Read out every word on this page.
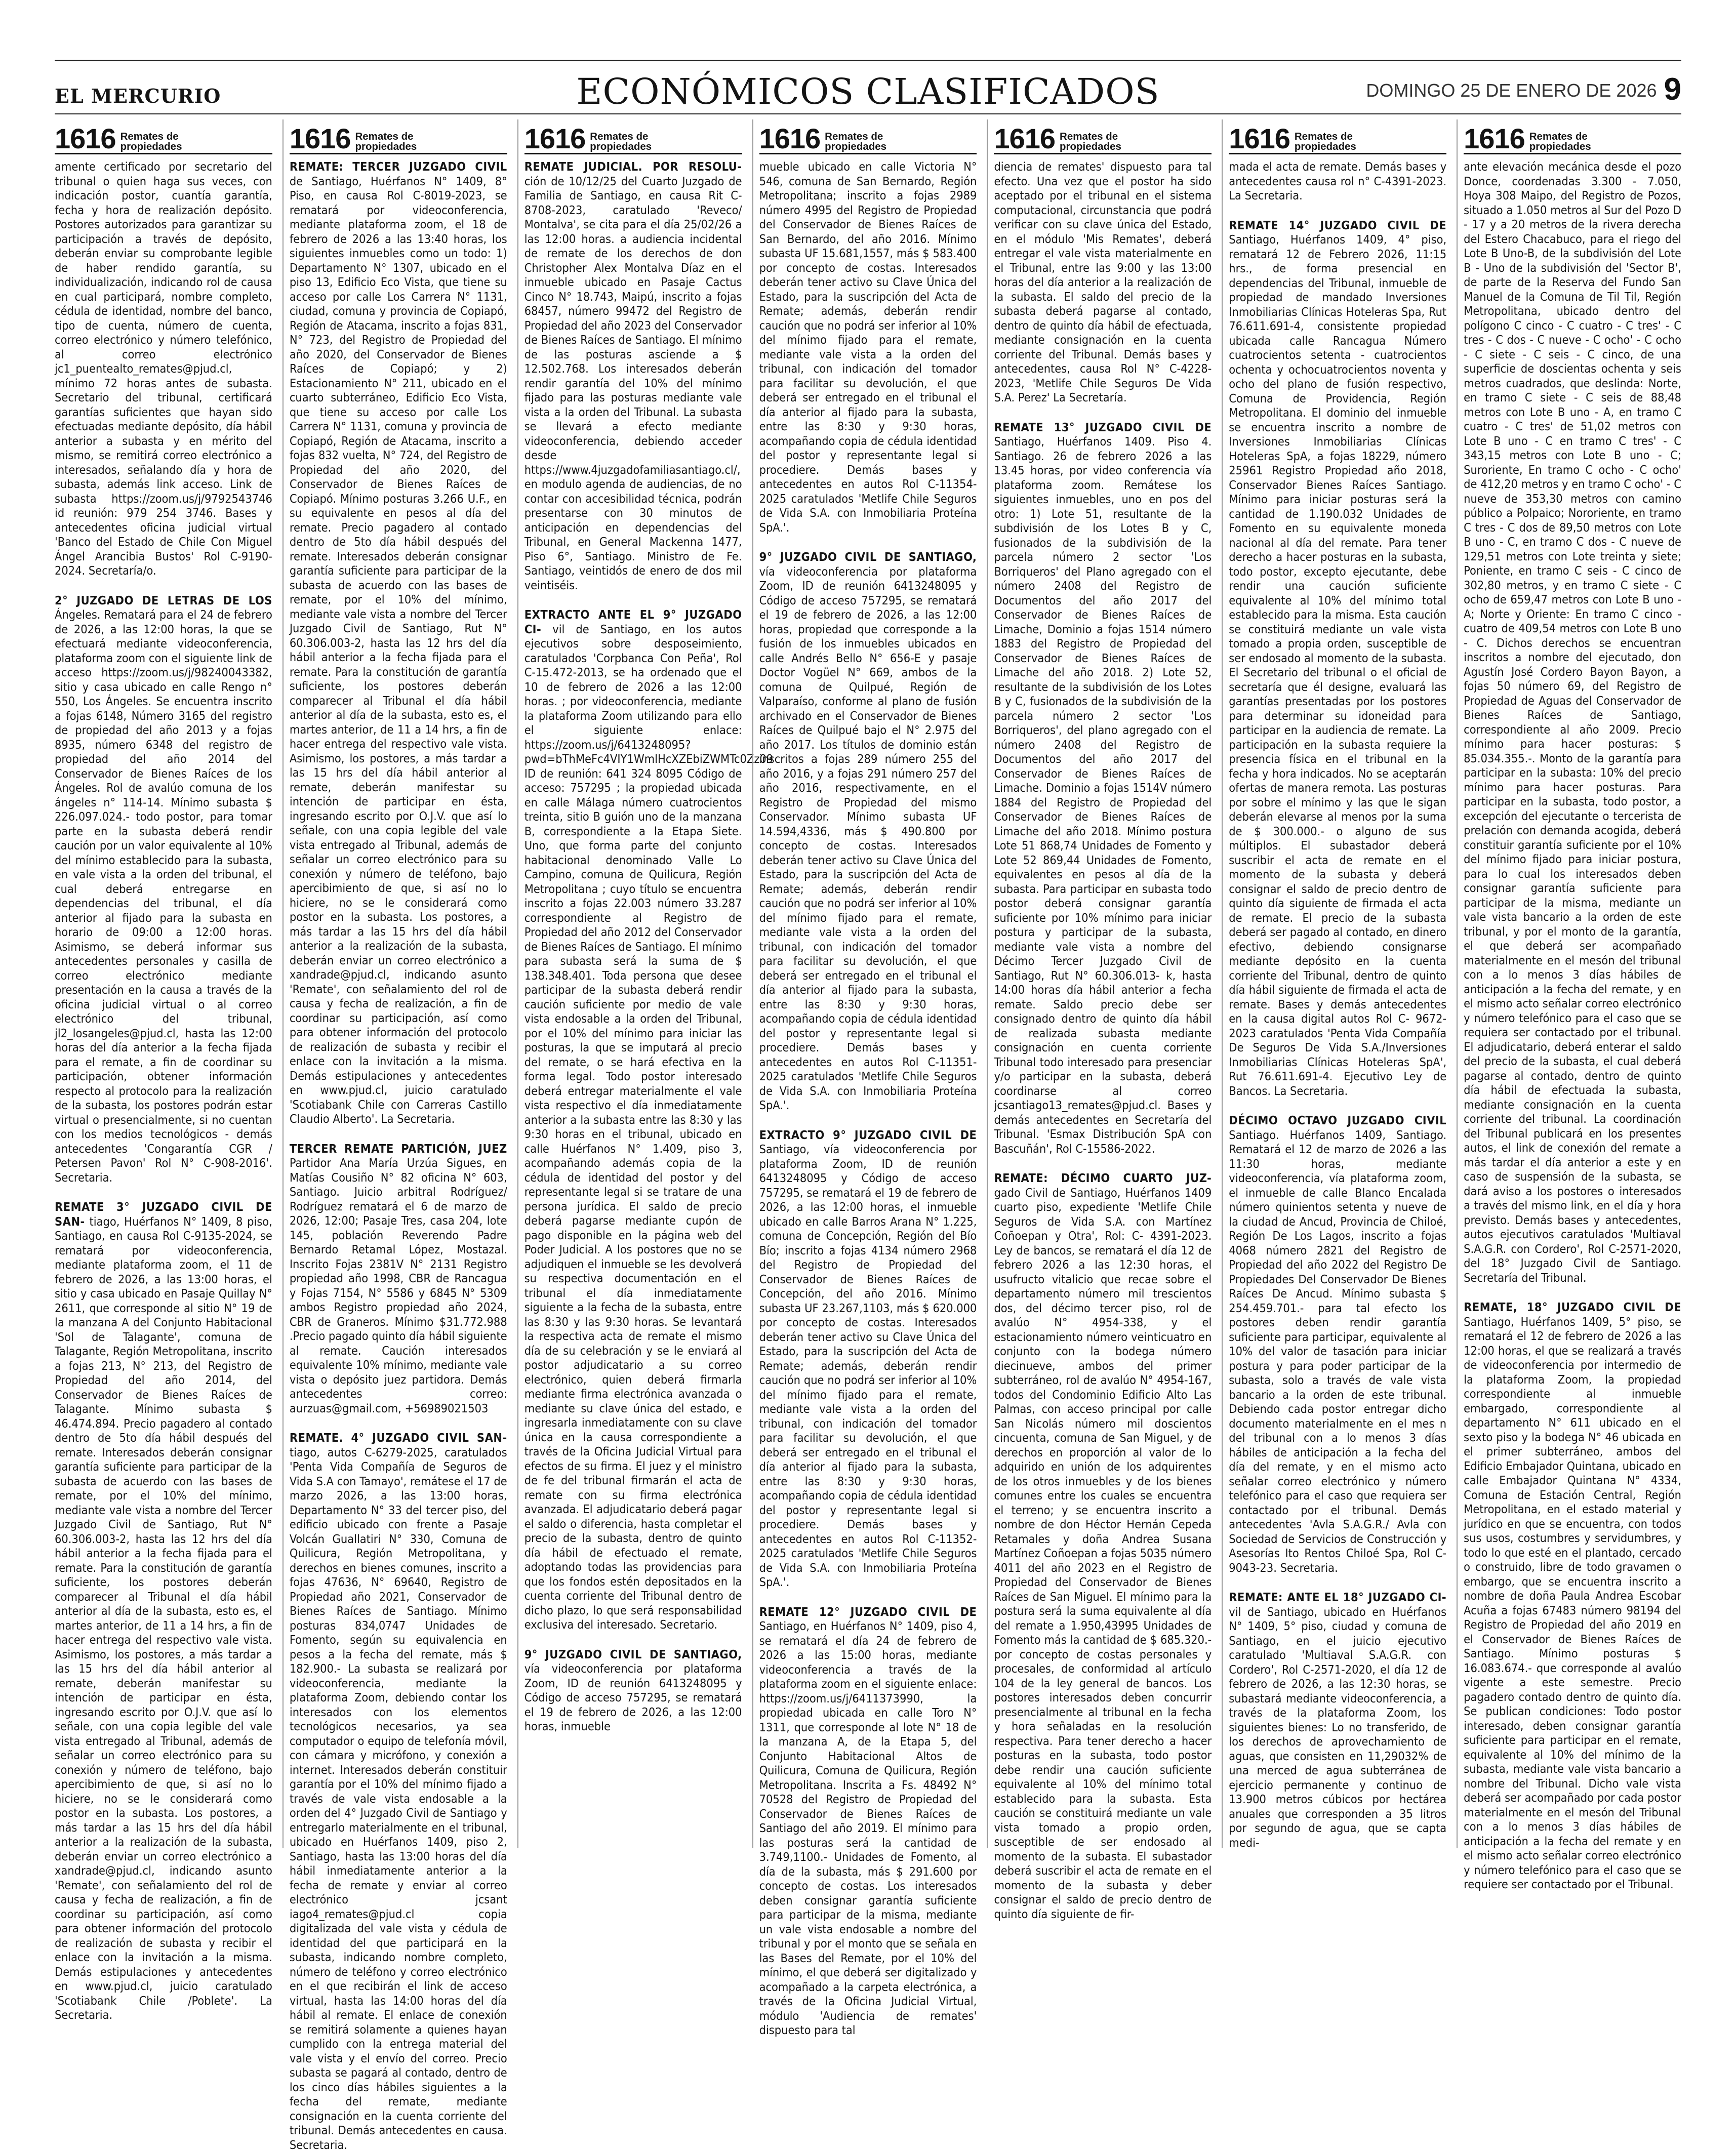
EL MERCURIO	ECONÓMICOS CLASIFICADOS	DOMINGO 25 DE ENERO DE 2026 9
1616 Remates de
propiedades

amente certificado por secretario del tribunal o quien haga sus veces, con indicación postor, cuantía garantía, fecha y hora de realización depósito. Postores autorizados para garantizar su participación a través de depósito, deberán enviar su comprobante legible de haber rendido garantía, su individualización, indicando rol de causa en cual participará, nombre completo, cédula de identidad, nombre del banco, tipo de cuenta, número de cuenta, correo electrónico y número telefónico, al correo electrónico jc1_puentealto_remates@pjud.cl, mínimo 72 horas antes de subasta. Secretario del tribunal, certificará garantías suficientes que hayan sido efectuadas mediante depósito, día hábil anterior a subasta y en mérito del mismo, se remitirá correo electrónico a interesados, señalando día y hora de subasta, además link acceso. Link de subasta https://zoom.us/j/9792543746 id reunión: 979 254 3746. Bases y antecedentes oficina judicial virtual 'Banco del Estado de Chile Con Miguel Ángel Arancibia Bustos' Rol C-9190-2024. Secretaría/o.

2° JUZGADO DE LETRAS DE LOS Ángeles. Rematará para el 24 de febrero de 2026, a las 12:00 horas, la que se efectuará mediante videoconferencia, plataforma zoom con el siguiente link de acceso https://zoom.us/j/98240043382, sitio y casa ubicado en calle Rengo n° 550, Los Ángeles. Se encuentra inscrito a fojas 6148, Número 3165 del registro de propiedad del año 2013 y a fojas 8935, número 6348 del registro de propiedad del año 2014 del Conservador de Bienes Raíces de los Ángeles. Rol de avalúo comuna de los ángeles n° 114-14. Mínimo subasta $ 226.097.024.- todo postor, para tomar parte en la subasta deberá rendir caución por un valor equivalente al 10% del mínimo establecido para la subasta, en vale vista a la orden del tribunal, el cual deberá entregarse en dependencias del tribunal, el día anterior al fijado para la subasta en horario de 09:00 a 12:00 horas. Asimismo, se deberá informar sus antecedentes personales y casilla de correo electrónico mediante presentación en la causa a través de la oficina judicial virtual o al correo electrónico del tribunal, jl2_losangeles@pjud.cl, hasta las 12:00 horas del día anterior a la fecha fijada para el remate, a fin de coordinar su participación, obtener información respecto al protocolo para la realización de la subasta, los postores podrán estar virtual o presencialmente, si no cuentan con los medios tecnológicos - demás antecedentes 'Congarantía CGR / Petersen Pavon' Rol N° C-908-2016'. Secretaria.

REMATE 3° JUZGADO CIVIL DE SAN- tiago, Huérfanos N° 1409, 8 piso, Santiago, en causa Rol C-9135-2024, se rematará por videoconferencia, mediante plataforma zoom, el 11 de febrero de 2026, a las 13:00 horas, el sitio y casa ubicado en Pasaje Quillay N° 2611, que corresponde al sitio N° 19 de la manzana A del Conjunto Habitacional 'Sol de Talagante', comuna de Talagante, Región Metropolitana, inscrito a fojas 213, N° 213, del Registro de Propiedad del año 2014, del Conservador de Bienes Raíces de Talagante. Mínimo subasta $ 46.474.894. Precio pagadero al contado dentro de 5to día hábil después del remate. Interesados deberán consignar garantía suficiente para participar de la subasta de acuerdo con las bases de remate, por el 10% del mínimo, mediante vale vista a nombre del Tercer Juzgado Civil de Santiago, Rut N° 60.306.003-2, hasta las 12 hrs del día hábil anterior a la fecha fijada para el remate. Para la constitución de garantía suficiente, los postores deberán comparecer al Tribunal el día hábil anterior al día de la subasta, esto es, el martes anterior, de 11 a 14 hrs, a fin de hacer entrega del respectivo vale vista. Asimismo, los postores, a más tardar a las 15 hrs del día hábil anterior al remate, deberán manifestar su intención de participar en ésta, ingresando escrito por O.J.V. que así lo señale, con una copia legible del vale vista entregado al Tribunal, además de señalar un correo electrónico para su conexión y número de teléfono, bajo apercibimiento de que, si así no lo hiciere, no se le considerará como postor en la subasta. Los postores, a más tardar a las 15 hrs del día hábil anterior a la realización de la subasta, deberán enviar un correo electrónico a xandrade@pjud.cl, indicando asunto 'Remate', con señalamiento del rol de causa y fecha de realización, a fin de coordinar su participación, así como para obtener información del protocolo de realización de subasta y recibir el enlace con la invitación a la misma. Demás estipulaciones y antecedentes en www.pjud.cl, juicio caratulado 'Scotiabank Chile /Poblete'. La Secretaria.

1616 Remates de
propiedades

REMATE: TERCER JUZGADO CIVIL de Santiago, Huérfanos N° 1409, 8° Piso, en causa Rol C-8019-2023, se rematará por videoconferencia, mediante plataforma zoom, el 18 de febrero de 2026 a las 13:40 horas, los siguientes inmuebles como un todo: 1) Departamento N° 1307, ubicado en el piso 13, Edificio Eco Vista, que tiene su acceso por calle Los Carrera N° 1131, ciudad, comuna y provincia de Copiapó, Región de Atacama, inscrito a fojas 831, N° 723, del Registro de Propiedad del año 2020, del Conservador de Bienes Raíces de Copiapó; y 2) Estacionamiento N° 211, ubicado en el cuarto subterráneo, Edificio Eco Vista, que tiene su acceso por calle Los Carrera N° 1131, comuna y provincia de Copiapó, Región de Atacama, inscrito a fojas 832 vuelta, N° 724, del Registro de Propiedad del año 2020, del Conservador de Bienes Raíces de Copiapó. Mínimo posturas 3.266 U.F., en su equivalente en pesos al día del remate. Precio pagadero al contado dentro de 5to día hábil después del remate. Interesados deberán consignar garantía suficiente para participar de la subasta de acuerdo con las bases de remate, por el 10% del mínimo, mediante vale vista a nombre del Tercer Juzgado Civil de Santiago, Rut N° 60.306.003-2, hasta las 12 hrs del día hábil anterior a la fecha fijada para el remate. Para la constitución de garantía suficiente, los postores deberán comparecer al Tribunal el día hábil anterior al día de la subasta, esto es, el martes anterior, de 11 a 14 hrs, a fin de hacer entrega del respectivo vale vista. Asimismo, los postores, a más tardar a las 15 hrs del día hábil anterior al remate, deberán manifestar su intención de participar en ésta, ingresando escrito por O.J.V. que así lo señale, con una copia legible del vale vista entregado al Tribunal, además de señalar un correo electrónico para su conexión y número de teléfono, bajo apercibimiento de que, si así no lo hiciere, no se le considerará como postor en la subasta. Los postores, a más tardar a las 15 hrs del día hábil anterior a la realización de la subasta, deberán enviar un correo electrónico a xandrade@pjud.cl, indicando asunto 'Remate', con señalamiento del rol de causa y fecha de realización, a fin de coordinar su participación, así como para obtener información del protocolo de realización de subasta y recibir el enlace con la invitación a la misma. Demás estipulaciones y antecedentes en www.pjud.cl, juicio caratulado 'Scotiabank Chile con Carreras Castillo Claudio Alberto'. La Secretaria.

TERCER REMATE PARTICIÓN, JUEZ Partidor Ana María Urzúa Sigues, en Matías Cousiño N° 82 oficina N° 603, Santiago. Juicio arbitral Rodríguez/ Rodríguez rematará el 6 de marzo de 2026, 12:00; Pasaje Tres, casa 204, lote 145, población Reverendo Padre Bernardo Retamal López, Mostazal. Inscrito Fojas 2381V N° 2131 Registro propiedad año 1998, CBR de Rancagua y Fojas 7154, N° 5586 y 6845 N° 5309 ambos Registro propiedad año 2024, CBR de Graneros. Mínimo $31.772.988 .Precio pagado quinto día hábil siguiente al remate. Caución interesados equivalente 10% mínimo, mediante vale vista o depósito juez partidora. Demás antecedentes correo: aurzuas@gmail.com, +56989021503

REMATE. 4° JUZGADO CIVIL SAN- tiago, autos C-6279-2025, caratulados 'Penta Vida Compañía de Seguros de Vida S.A con Tamayo', remátese el 17 de marzo 2026, a las 13:00 horas, Departamento N° 33 del tercer piso, del edificio ubicado con frente a Pasaje Volcán Guallatiri N° 330, Comuna de Quilicura, Región Metropolitana, y derechos en bienes comunes, inscrito a fojas 47636, N° 69640, Registro de Propiedad año 2021, Conservador de Bienes Raíces de Santiago. Mínimo posturas 834,0747 Unidades de Fomento, según su equivalencia en pesos a la fecha del remate, más $ 182.900.- La subasta se realizará por videoconferencia, mediante la plataforma Zoom, debiendo contar los interesados con los elementos tecnológicos necesarios, ya sea computador o equipo de telefonía móvil, con cámara y micrófono, y conexión a internet. Interesados deberán constituir garantía por el 10% del mínimo fijado a través de vale vista endosable a la orden del 4° Juzgado Civil de Santiago y entregarlo materialmente en el tribunal, ubicado en Huérfanos 1409, piso 2, Santiago, hasta las 13:00 horas del día hábil inmediatamente anterior a la fecha de remate y enviar al correo electrónico jcsant iago4_remates@pjud.cl copia digitalizada del vale vista y cédula de identidad del que participará en la subasta, indicando nombre completo, número de teléfono y correo electrónico en el que recibirán el link de acceso virtual, hasta las 14:00 horas del día hábil al remate. El enlace de conexión se remitirá solamente a quienes hayan cumplido con la entrega material del vale vista y el envío del correo. Precio subasta se pagará al contado, dentro de los cinco días hábiles siguientes a la fecha del remate, mediante consignación en la cuenta corriente del tribunal. Demás antecedentes en causa. Secretaria.

1616 Remates de
propiedades

REMATE JUDICIAL. POR RESOLU- ción de 10/12/25 del Cuarto Juzgado de Familia de Santiago, en causa Rit C-8708-2023, caratulado 'Reveco/ Montalva', se cita para el día 25/02/26 a las 12:00 horas. a audiencia incidental de remate de los derechos de don Christopher Alex Montalva Díaz en el inmueble ubicado en Pasaje Cactus Cinco N° 18.743, Maipú, inscrito a fojas 68457, número 99472 del Registro de Propiedad del año 2023 del Conservador de Bienes Raíces de Santiago. El mínimo de las posturas asciende a $ 12.502.768. Los interesados deberán rendir garantía del 10% del mínimo fijado para las posturas mediante vale vista a la orden del Tribunal. La subasta se llevará a efecto mediante videoconferencia, debiendo acceder desde https://www.4juzgadofamiliasantiago.cl/, en modulo agenda de audiencias, de no contar con accesibilidad técnica, podrán presentarse con 30 minutos de anticipación en dependencias del Tribunal, en General Mackenna 1477, Piso 6°, Santiago. Ministro de Fe. Santiago, veintidós de enero de dos mil veintiséis.

EXTRACTO ANTE EL 9° JUZGADO CI- vil de Santiago, en los autos ejecutivos sobre desposeimiento, caratulados 'Corpbanca Con Peña', Rol C-15.472-2013, se ha ordenado que el 10 de febrero de 2026 a las 12:00 horas. ; por videoconferencia, mediante la plataforma Zoom utilizando para ello el siguiente enlace: https://zoom.us/j/6413248095? pwd=bThMeFc4VIY1WmlHcXZEbiZWMTc0Zz09 ID de reunión: 641 324 8095 Código de acceso: 757295 ; la propiedad ubicada en calle Málaga número cuatrocientos treinta, sitio B guión uno de la manzana B, correspondiente a la Etapa Siete. Uno, que forma parte del conjunto habitacional denominado Valle Lo Campino, comuna de Quilicura, Región Metropolitana ; cuyo título se encuentra inscrito a fojas 22.003 número 33.287 correspondiente al Registro de Propiedad del año 2012 del Conservador de Bienes Raíces de Santiago. El mínimo para subasta será la suma de $ 138.348.401. Toda persona que desee participar de la subasta deberá rendir caución suficiente por medio de vale vista endosable a la orden del Tribunal, por el 10% del mínimo para iniciar las posturas, la que se imputará al precio del remate, o se hará efectiva en la forma legal. Todo postor interesado deberá entregar materialmente el vale vista respectivo el día inmediatamente anterior a la subasta entre las 8:30 y las 9:30 horas en el tribunal, ubicado en calle Huérfanos N° 1.409, piso 3, acompañando además copia de la cédula de identidad del postor y del representante legal si se tratare de una persona jurídica. El saldo de precio deberá pagarse mediante cupón de pago disponible en la página web del Poder Judicial. A los postores que no se adjudiquen el inmueble se les devolverá su respectiva documentación en el tribunal el día inmediatamente siguiente a la fecha de la subasta, entre las 8:30 y las 9:30 horas. Se levantará la respectiva acta de remate el mismo día de su celebración y se le enviará al postor adjudicatario a su correo electrónico, quien deberá firmarla mediante firma electrónica avanzada o mediante su clave única del estado, e ingresarla inmediatamente con su clave única en la causa correspondiente a través de la Oficina Judicial Virtual para efectos de su firma. El juez y el ministro de fe del tribunal firmarán el acta de remate con su firma electrónica avanzada. El adjudicatario deberá pagar el saldo o diferencia, hasta completar el precio de la subasta, dentro de quinto día hábil de efectuado el remate, adoptando todas las providencias para que los fondos estén depositados en la cuenta corriente del Tribunal dentro de dicho plazo, lo que será responsabilidad exclusiva del interesado. Secretario.

9° JUZGADO CIVIL DE SANTIAGO, vía videoconferencia por plataforma Zoom, ID de reunión 6413248095 y Código de acceso 757295, se rematará el 19 de febrero de 2026, a las 12:00 horas, inmueble

1616 Remates de
propiedades

mueble ubicado en calle Victoria N° 546, comuna de San Bernardo, Región Metropolitana; inscrito a fojas 2989 número 4995 del Registro de Propiedad del Conservador de Bienes Raíces de San Bernardo, del año 2016. Mínimo subasta UF 15.681,1557, más $ 583.400 por concepto de costas. Interesados deberán tener activo su Clave Única del Estado, para la suscripción del Acta de Remate; además, deberán rendir caución que no podrá ser inferior al 10% del mínimo fijado para el remate, mediante vale vista a la orden del tribunal, con indicación del tomador para facilitar su devolución, el que deberá ser entregado en el tribunal el día anterior al fijado para la subasta, entre las 8:30 y 9:30 horas, acompañando copia de cédula identidad del postor y representante legal si procediere. Demás bases y antecedentes en autos Rol C-11354-2025 caratulados 'Metlife Chile Seguros de Vida S.A. con Inmobiliaria Proteína SpA.'.

9° JUZGADO CIVIL DE SANTIAGO, vía videoconferencia por plataforma Zoom, ID de reunión 6413248095 y Código de acceso 757295, se rematará el 19 de febrero de 2026, a las 12:00 horas, propiedad que corresponde a la fusión de los inmuebles ubicados en calle Andrés Bello N° 656-E y pasaje Doctor Vogüel N° 669, ambos de la comuna de Quilpué, Región de Valparaíso, conforme al plano de fusión archivado en el Conservador de Bienes Raíces de Quilpué bajo el N° 2.975 del año 2017. Los títulos de dominio están inscritos a fojas 289 número 255 del año 2016, y a fojas 291 número 257 del año 2016, respectivamente, en el Registro de Propiedad del mismo Conservador. Mínimo subasta UF 14.594,4336, más $ 490.800 por concepto de costas. Interesados deberán tener activo su Clave Única del Estado, para la suscripción del Acta de Remate; además, deberán rendir caución que no podrá ser inferior al 10% del mínimo fijado para el remate, mediante vale vista a la orden del tribunal, con indicación del tomador para facilitar su devolución, el que deberá ser entregado en el tribunal el día anterior al fijado para la subasta, entre las 8:30 y 9:30 horas, acompañando copia de cédula identidad del postor y representante legal si procediere. Demás bases y antecedentes en autos Rol C-11351-2025 caratulados 'Metlife Chile Seguros de Vida S.A. con Inmobiliaria Proteína SpA.'.

EXTRACTO 9° JUZGADO CIVIL DE Santiago, vía videoconferencia por plataforma Zoom, ID de reunión 6413248095 y Código de acceso 757295, se rematará el 19 de febrero de 2026, a las 12:00 horas, el inmueble ubicado en calle Barros Arana N° 1.225, comuna de Concepción, Región del Bío Bío; inscrito a fojas 4134 número 2968 del Registro de Propiedad del Conservador de Bienes Raíces de Concepción, del año 2016. Mínimo subasta UF 23.267,1103, más $ 620.000 por concepto de costas. Interesados deberán tener activo su Clave Única del Estado, para la suscripción del Acta de Remate; además, deberán rendir caución que no podrá ser inferior al 10% del mínimo fijado para el remate, mediante vale vista a la orden del tribunal, con indicación del tomador para facilitar su devolución, el que deberá ser entregado en el tribunal el día anterior al fijado para la subasta, entre las 8:30 y 9:30 horas, acompañando copia de cédula identidad del postor y representante legal si procediere. Demás bases y antecedentes en autos Rol C-11352-2025 caratulados 'Metlife Chile Seguros de Vida S.A. con Inmobiliaria Proteína SpA.'.

REMATE 12° JUZGADO CIVIL DE Santiago, en Huérfanos N° 1409, piso 4, se rematará el día 24 de febrero de 2026 a las 15:00 horas, mediante videoconferencia a través de la plataforma zoom en el siguiente enlace: https://zoom.us/j/6411373990, la propiedad ubicada en calle Toro N° 1311, que corresponde al lote N° 18 de la manzana A, de la Etapa 5, del Conjunto Habitacional Altos de Quilicura, Comuna de Quilicura, Región Metropolitana. Inscrita a Fs. 48492 N° 70528 del Registro de Propiedad del Conservador de Bienes Raíces de Santiago del año 2019. El mínimo para las posturas será la cantidad de 3.749,1100.- Unidades de Fomento, al día de la subasta, más $ 291.600 por concepto de costas. Los interesados deben consignar garantía suficiente para participar de la misma, mediante un vale vista endosable a nombre del tribunal y por el monto que se señala en las Bases del Remate, por el 10% del mínimo, el que deberá ser digitalizado y acompañado a la carpeta electrónica, a través de la Oficina Judicial Virtual, módulo 'Audiencia de remates' dispuesto para tal

1616 Remates de
propiedades

diencia de remates' dispuesto para tal efecto. Una vez que el postor ha sido aceptado por el tribunal en el sistema computacional, circunstancia que podrá verificar con su clave única del Estado, en el módulo 'Mis Remates', deberá entregar el vale vista materialmente en el Tribunal, entre las 9:00 y las 13:00 horas del día anterior a la realización de la subasta. El saldo del precio de la subasta deberá pagarse al contado, dentro de quinto día hábil de efectuada, mediante consignación en la cuenta corriente del Tribunal. Demás bases y antecedentes, causa Rol N° C-4228-2023, 'Metlife Chile Seguros De Vida S.A. Perez' La Secretaría.

REMATE 13° JUZGADO CIVIL DE Santiago, Huérfanos 1409. Piso 4. Santiago. 26 de febrero 2026 a las 13.45 horas, por video conferencia vía plataforma zoom. Remátese los siguientes inmuebles, uno en pos del otro: 1) Lote 51, resultante de la subdivisión de los Lotes B y C, fusionados de la subdivisión de la parcela número 2 sector 'Los Borriqueros' del Plano agregado con el número 2408 del Registro de Documentos del año 2017 del Conservador de Bienes Raíces de Limache, Dominio a fojas 1514 número 1883 del Registro de Propiedad del Conservador de Bienes Raíces de Limache del año 2018. 2) Lote 52, resultante de la subdivisión de los Lotes B y C, fusionados de la subdivisión de la parcela número 2 sector 'Los Borriqueros', del plano agregado con el número 2408 del Registro de Documentos del año 2017 del Conservador de Bienes Raíces de Limache. Dominio a fojas 1514V número 1884 del Registro de Propiedad del Conservador de Bienes Raíces de Limache del año 2018. Mínimo postura Lote 51 868,74 Unidades de Fomento y Lote 52 869,44 Unidades de Fomento, equivalentes en pesos al día de la subasta. Para participar en subasta todo postor deberá consignar garantía suficiente por 10% mínimo para iniciar postura y participar de la subasta, mediante vale vista a nombre del Décimo Tercer Juzgado Civil de Santiago, Rut N° 60.306.013- k, hasta 14:00 horas día hábil anterior a fecha remate. Saldo precio debe ser consignado dentro de quinto día hábil de realizada subasta mediante consignación en cuenta corriente Tribunal todo interesado para presenciar y/o participar en la subasta, deberá coordinarse al correo jcsantiago13_remates@pjud.cl. Bases y demás antecedentes en Secretaría del Tribunal. 'Esmax Distribución SpA con Bascuñán', Rol C-15586-2022.

REMATE: DÉCIMO CUARTO JUZ- gado Civil de Santiago, Huérfanos 1409 cuarto piso, expediente 'Metlife Chile Seguros de Vida S.A. con Martínez Coñoepan y Otra', Rol: C- 4391-2023. Ley de bancos, se rematará el día 12 de febrero 2026 a las 12:30 horas, el usufructo vitalicio que recae sobre el departamento número mil trescientos dos, del décimo tercer piso, rol de avalúo N° 4954-338, y el estacionamiento número veinticuatro en conjunto con la bodega número diecinueve, ambos del primer subterráneo, rol de avalúo N° 4954-167, todos del Condominio Edificio Alto Las Palmas, con acceso principal por calle San Nicolás número mil doscientos cincuenta, comuna de San Miguel, y de derechos en proporción al valor de lo adquirido en unión de los adquirentes de los otros inmuebles y de los bienes comunes entre los cuales se encuentra el terreno; y se encuentra inscrito a nombre de don Héctor Hernán Cepeda Retamales y doña Andrea Susana Martínez Coñoepan a fojas 5035 número 4011 del año 2023 en el Registro de Propiedad del Conservador de Bienes Raíces de San Miguel. El mínimo para la postura será la suma equivalente al día del remate a 1.950,43995 Unidades de Fomento más la cantidad de $ 685.320.- por concepto de costas personales y procesales, de conformidad al artículo 104 de la ley general de bancos. Los postores interesados deben concurrir presencialmente al tribunal en la fecha y hora señaladas en la resolución respectiva. Para tener derecho a hacer posturas en la subasta, todo postor debe rendir una caución suficiente equivalente al 10% del mínimo total establecido para la subasta. Esta caución se constituirá mediante un vale vista tomado a propio orden, susceptible de ser endosado al momento de la subasta. El subastador deberá suscribir el acta de remate en el momento de la subasta y deber consignar el saldo de precio dentro de quinto día siguiente de fir-

1616 Remates de
propiedades

mada el acta de remate. Demás bases y antecedentes causa rol n° C-4391-2023. La Secretaria.

REMATE 14° JUZGADO CIVIL DE Santiago, Huérfanos 1409, 4° piso, rematará 12 de Febrero 2026, 11:15 hrs., de forma presencial en dependencias del Tribunal, inmueble de propiedad de mandado Inversiones Inmobiliarias Clínicas Hoteleras Spa, Rut 76.611.691-4, consistente propiedad ubicada calle Rancagua Número cuatrocientos setenta - cuatrocientos ochenta y ochocuatrocientos noventa y ocho del plano de fusión respectivo, Comuna de Providencia, Región Metropolitana. El dominio del inmueble se encuentra inscrito a nombre de Inversiones Inmobiliarias Clínicas Hoteleras SpA, a fojas 18229, número 25961 Registro Propiedad año 2018, Conservador Bienes Raíces Santiago. Mínimo para iniciar posturas será la cantidad de 1.190.032 Unidades de Fomento en su equivalente moneda nacional al día del remate. Para tener derecho a hacer posturas en la subasta, todo postor, excepto ejecutante, debe rendir una caución suficiente equivalente al 10% del mínimo total establecido para la misma. Esta caución se constituirá mediante un vale vista tomado a propia orden, susceptible de ser endosado al momento de la subasta. El Secretario del tribunal o el oficial de secretaría que él designe, evaluará las garantías presentadas por los postores para determinar su idoneidad para participar en la audiencia de remate. La participación en la subasta requiere la presencia física en el tribunal en la fecha y hora indicados. No se aceptarán ofertas de manera remota. Las posturas por sobre el mínimo y las que le sigan deberán elevarse al menos por la suma de $ 300.000.- o alguno de sus múltiplos. El subastador deberá suscribir el acta de remate en el momento de la subasta y deberá consignar el saldo de precio dentro de quinto día siguiente de firmada el acta de remate. El precio de la subasta deberá ser pagado al contado, en dinero efectivo, debiendo consignarse mediante depósito en la cuenta corriente del Tribunal, dentro de quinto día hábil siguiente de firmada el acta de remate. Bases y demás antecedentes en la causa digital autos Rol C- 9672-2023 caratulados 'Penta Vida Compañía De Seguros De Vida S.A./Inversiones Inmobiliarias Clínicas Hoteleras SpA', Rut 76.611.691-4. Ejecutivo Ley de Bancos. La Secretaria.

DÉCIMO OCTAVO JUZGADO CIVIL Santiago. Huérfanos 1409, Santiago. Rematará el 12 de marzo de 2026 a las 11:30 horas, mediante videoconferencia, vía plataforma zoom, el inmueble de calle Blanco Encalada número quinientos setenta y nueve de la ciudad de Ancud, Provincia de Chiloé, Región De Los Lagos, inscrito a fojas 4068 número 2821 del Registro de Propiedad del año 2022 del Registro De Propiedades Del Conservador De Bienes Raíces De Ancud. Mínimo subasta $ 254.459.701.- para tal efecto los postores deben rendir garantía suficiente para participar, equivalente al 10% del valor de tasación para iniciar postura y para poder participar de la subasta, solo a través de vale vista bancario a la orden de este tribunal. Debiendo cada postor entregar dicho documento materialmente en el mes n del tribunal con a lo menos 3 días hábiles de anticipación a la fecha del día del remate, y en el mismo acto señalar correo electrónico y número telefónico para el caso que requiera ser contactado por el tribunal. Demás antecedentes 'Avla S.A.G.R./ Avla con Sociedad de Servicios de Construcción y Asesorías Ito Rentos Chiloé Spa, Rol C-9043-23. Secretaria.

REMATE: ANTE EL 18° JUZGADO CI- vil de Santiago, ubicado en Huérfanos N° 1409, 5° piso, ciudad y comuna de Santiago, en el juicio ejecutivo caratulado 'Multiaval S.A.G.R. con Cordero', Rol C-2571-2020, el día 12 de febrero de 2026, a las 12:30 horas, se subastará mediante videoconferencia, a través de la plataforma Zoom, los siguientes bienes: Lo no transferido, de los derechos de aprovechamiento de aguas, que consisten en 11,29032% de una merced de agua subterránea de ejercicio permanente y continuo de 13.900 metros cúbicos por hectárea anuales que corresponden a 35 litros por segundo de agua, que se capta medi-

1616 Remates de
propiedades

ante elevación mecánica desde el pozo Donce, coordenadas 3.300 - 7.050, Hoya 308 Maipo, del Registro de Pozos, situado a 1.050 metros al Sur del Pozo D - 17 y a 20 metros de la rivera derecha del Estero Chacabuco, para el riego del Lote B Uno-B, de la subdivisión del Lote B - Uno de la subdivisión del 'Sector B', de parte de la Reserva del Fundo San Manuel de la Comuna de Til Til, Región Metropolitana, ubicado dentro del polígono C cinco - C cuatro - C tres' - C tres - C dos - C nueve - C ocho' - C ocho - C siete - C seis - C cinco, de una superficie de doscientas ochenta y seis metros cuadrados, que deslinda: Norte, en tramo C siete - C seis de 88,48 metros con Lote B uno - A, en tramo C cuatro - C tres' de 51,02 metros con Lote B uno - C en tramo C tres' - C 343,15 metros con Lote B uno - C; Suroriente, En tramo C ocho - C ocho' de 412,20 metros y en tramo C ocho' - C nueve de 353,30 metros con camino público a Polpaico; Nororiente, en tramo C tres - C dos de 89,50 metros con Lote B uno - C, en tramo C dos - C nueve de 129,51 metros con Lote treinta y siete; Poniente, en tramo C seis - C cinco de 302,80 metros, y en tramo C siete - C ocho de 659,47 metros con Lote B uno - A; Norte y Oriente: En tramo C cinco - cuatro de 409,54 metros con Lote B uno - C. Dichos derechos se encuentran inscritos a nombre del ejecutado, don Agustín José Cordero Bayon Bayon, a fojas 50 número 69, del Registro de Propiedad de Aguas del Conservador de Bienes Raíces de Santiago, correspondiente al año 2009. Precio mínimo para hacer posturas: $ 85.034.355.-. Monto de la garantía para participar en la subasta: 10% del precio mínimo para hacer posturas. Para participar en la subasta, todo postor, a excepción del ejecutante o tercerista de prelación con demanda acogida, deberá constituir garantía suficiente por el 10% del mínimo fijado para iniciar postura, para lo cual los interesados deben consignar garantía suficiente para participar de la misma, mediante un vale vista bancario a la orden de este tribunal, y por el monto de la garantía, el que deberá ser acompañado materialmente en el mesón del tribunal con a lo menos 3 días hábiles de anticipación a la fecha del remate, y en el mismo acto señalar correo electrónico y número telefónico para el caso que se requiera ser contactado por el tribunal. El adjudicatario, deberá enterar el saldo del precio de la subasta, el cual deberá pagarse al contado, dentro de quinto día hábil de efectuada la subasta, mediante consignación en la cuenta corriente del tribunal. La coordinación del Tribunal publicará en los presentes autos, el link de conexión del remate a más tardar el día anterior a este y en caso de suspensión de la subasta, se dará aviso a los postores o interesados a través del mismo link, en el día y hora previsto. Demás bases y antecedentes, autos ejecutivos caratulados 'Multiaval S.A.G.R. con Cordero', Rol C-2571-2020, del 18° Juzgado Civil de Santiago. Secretaría del Tribunal.

REMATE, 18° JUZGADO CIVIL DE Santiago, Huérfanos 1409, 5° piso, se rematará el 12 de febrero de 2026 a las 12:00 horas, el que se realizará a través de videoconferencia por intermedio de la plataforma Zoom, la propiedad correspondiente al inmueble embargado, correspondiente al departamento N° 611 ubicado en el sexto piso y la bodega N° 46 ubicada en el primer subterráneo, ambos del Edificio Embajador Quintana, ubicado en calle Embajador Quintana N° 4334, Comuna de Estación Central, Región Metropolitana, en el estado material y jurídico en que se encuentra, con todos sus usos, costumbres y servidumbres, y todo lo que esté en el plantado, cercado o construido, libre de todo gravamen o embargo, que se encuentra inscrito a nombre de doña Paula Andrea Escobar Acuña a fojas 67483 número 98194 del Registro de Propiedad del año 2019 en el Conservador de Bienes Raíces de Santiago. Mínimo posturas $ 16.083.674.- que corresponde al avalúo vigente a este semestre. Precio pagadero contado dentro de quinto día. Se publican condiciones: Todo postor interesado, deben consignar garantía suficiente para participar en el remate, equivalente al 10% del mínimo de la subasta, mediante vale vista bancario a nombre del Tribunal. Dicho vale vista deberá ser acompañado por cada postor materialmente en el mesón del Tribunal con a lo menos 3 días hábiles de anticipación a la fecha del remate y en el mismo acto señalar correo electrónico y número telefónico para el caso que se requiere ser contactado por el Tribunal.
